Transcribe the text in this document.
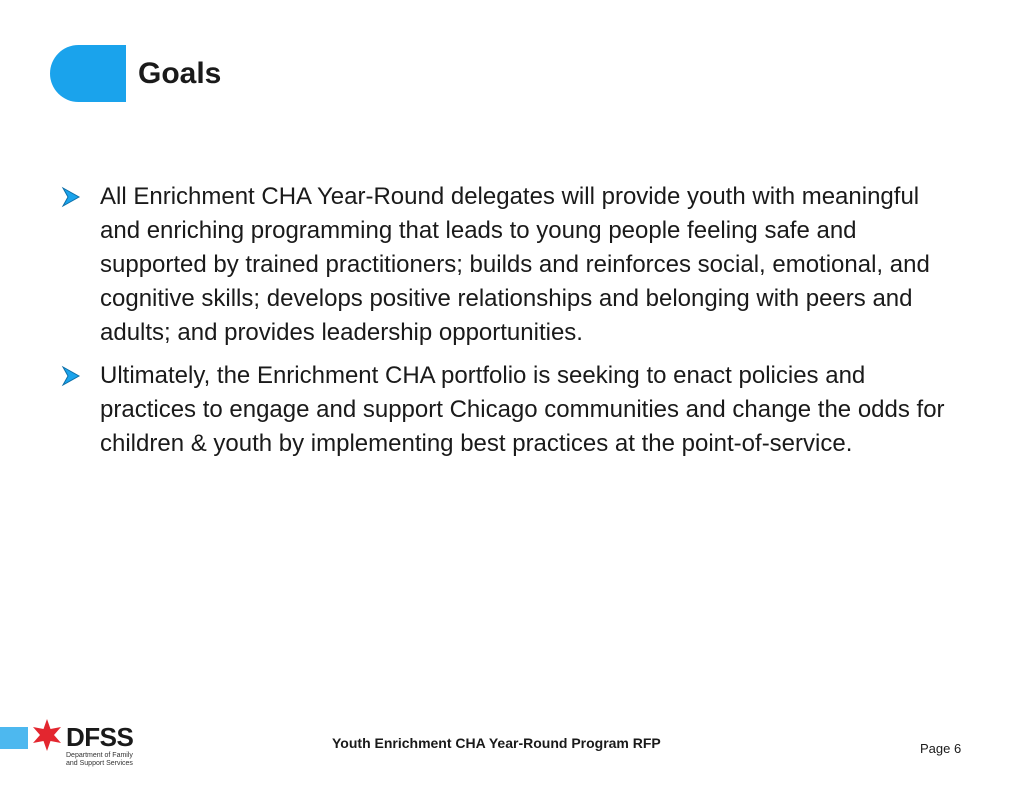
Goals
All Enrichment CHA Year-Round delegates will provide youth with meaningful and enriching programming that leads to young people feeling safe and supported by trained practitioners; builds and reinforces social, emotional, and cognitive skills; develops positive relationships and belonging with peers and adults; and provides leadership opportunities.
Ultimately, the Enrichment CHA portfolio is seeking to enact policies and practices to engage and support Chicago communities and change the odds for children & youth by implementing best practices at the point-of-service.
DFSS
Department of Family and Support Services
Youth Enrichment CHA Year-Round Program RFP	Page 6
